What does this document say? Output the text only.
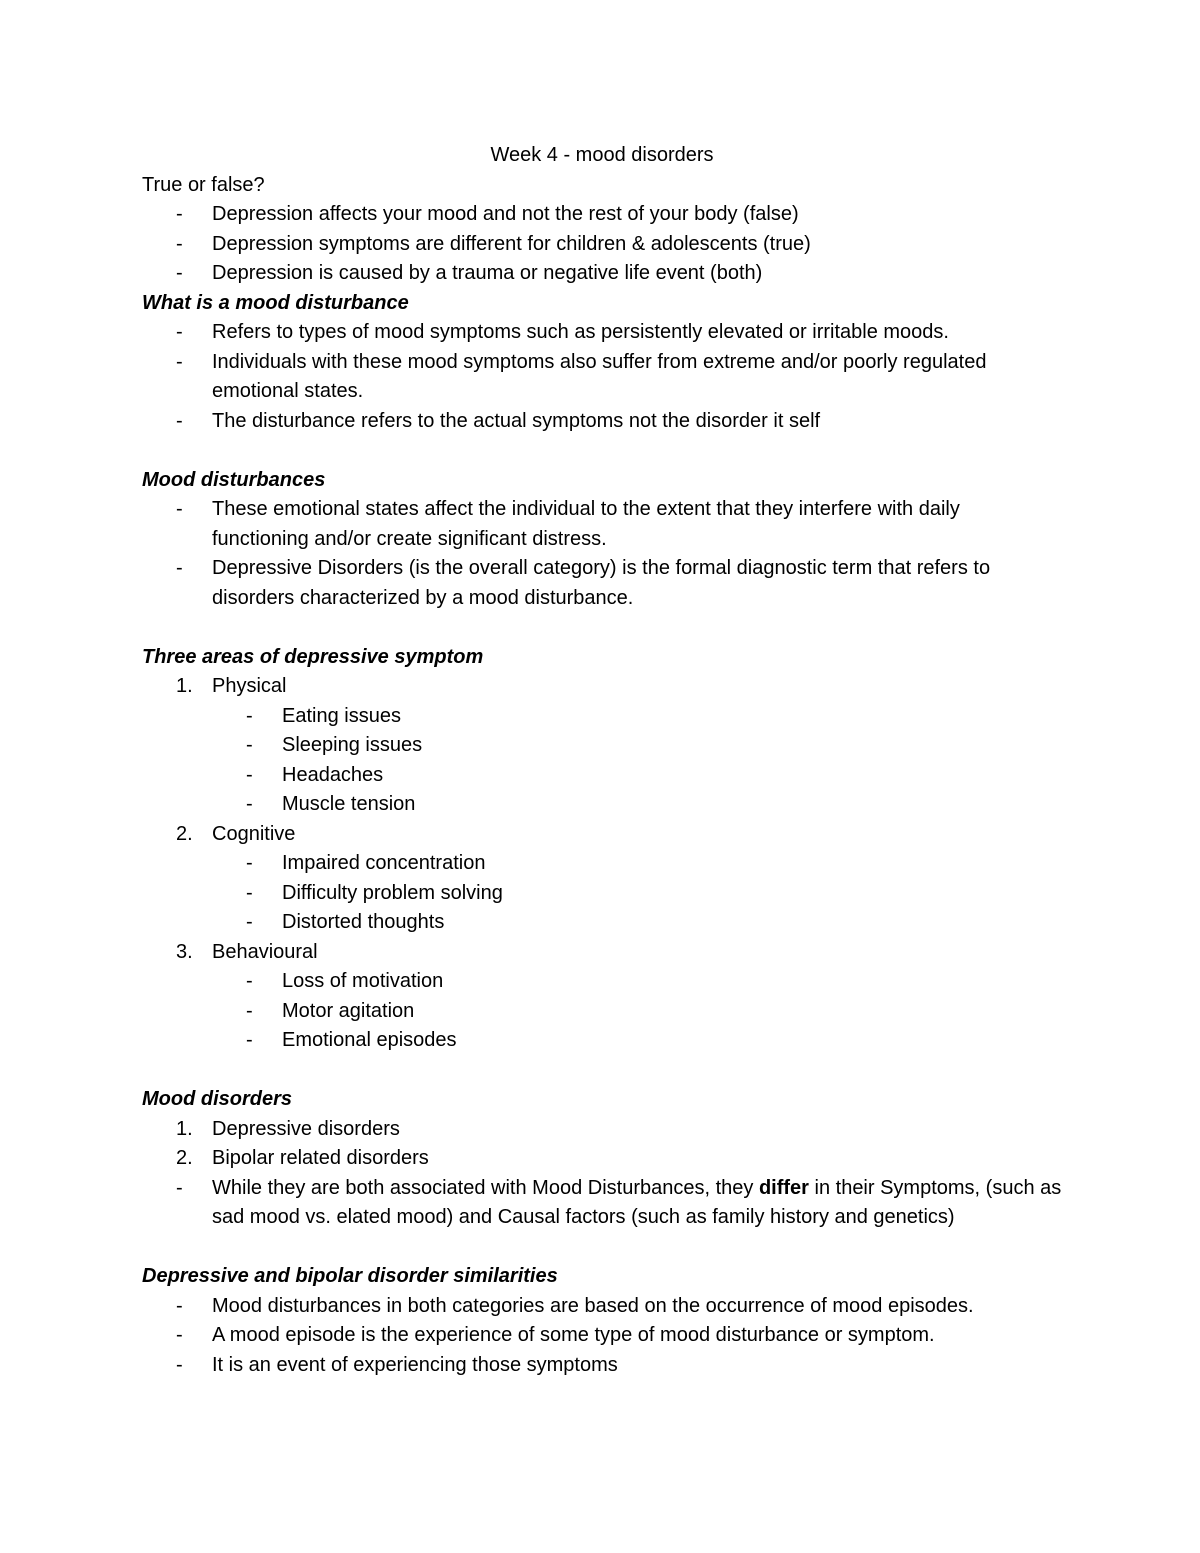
Week 4 - mood disorders

True or false?

- Depression affects your mood and not the rest of your body (false)
- Depression symptoms are different for children & adolescents (true)
- Depression is caused by a trauma or negative life event (both)

What is a mood disturbance

- Refers to types of mood symptoms such as persistently elevated or irritable moods.
- Individuals with these mood symptoms also suffer from extreme and/or poorly regulated emotional states.
- The disturbance refers to the actual symptoms not the disorder it self

Mood disturbances

- These emotional states affect the individual to the extent that they interfere with daily functioning and/or create significant distress.
- Depressive Disorders (is the overall category) is the formal diagnostic term that refers to disorders characterized by a mood disturbance.

Three areas of depressive symptom

1. Physical
- Eating issues
- Sleeping issues
- Headaches
- Muscle tension
2. Cognitive
- Impaired concentration
- Difficulty problem solving
- Distorted thoughts
3. Behavioural
- Loss of motivation
- Motor agitation
- Emotional episodes

Mood disorders

1. Depressive disorders
2. Bipolar related disorders
- While they are both associated with Mood Disturbances, they differ in their Symptoms, (such as sad mood vs. elated mood) and Causal factors (such as family history and genetics)

Depressive and bipolar disorder similarities

- Mood disturbances in both categories are based on the occurrence of mood episodes.
- A mood episode is the experience of some type of mood disturbance or symptom.
- It is an event of experiencing those symptoms
